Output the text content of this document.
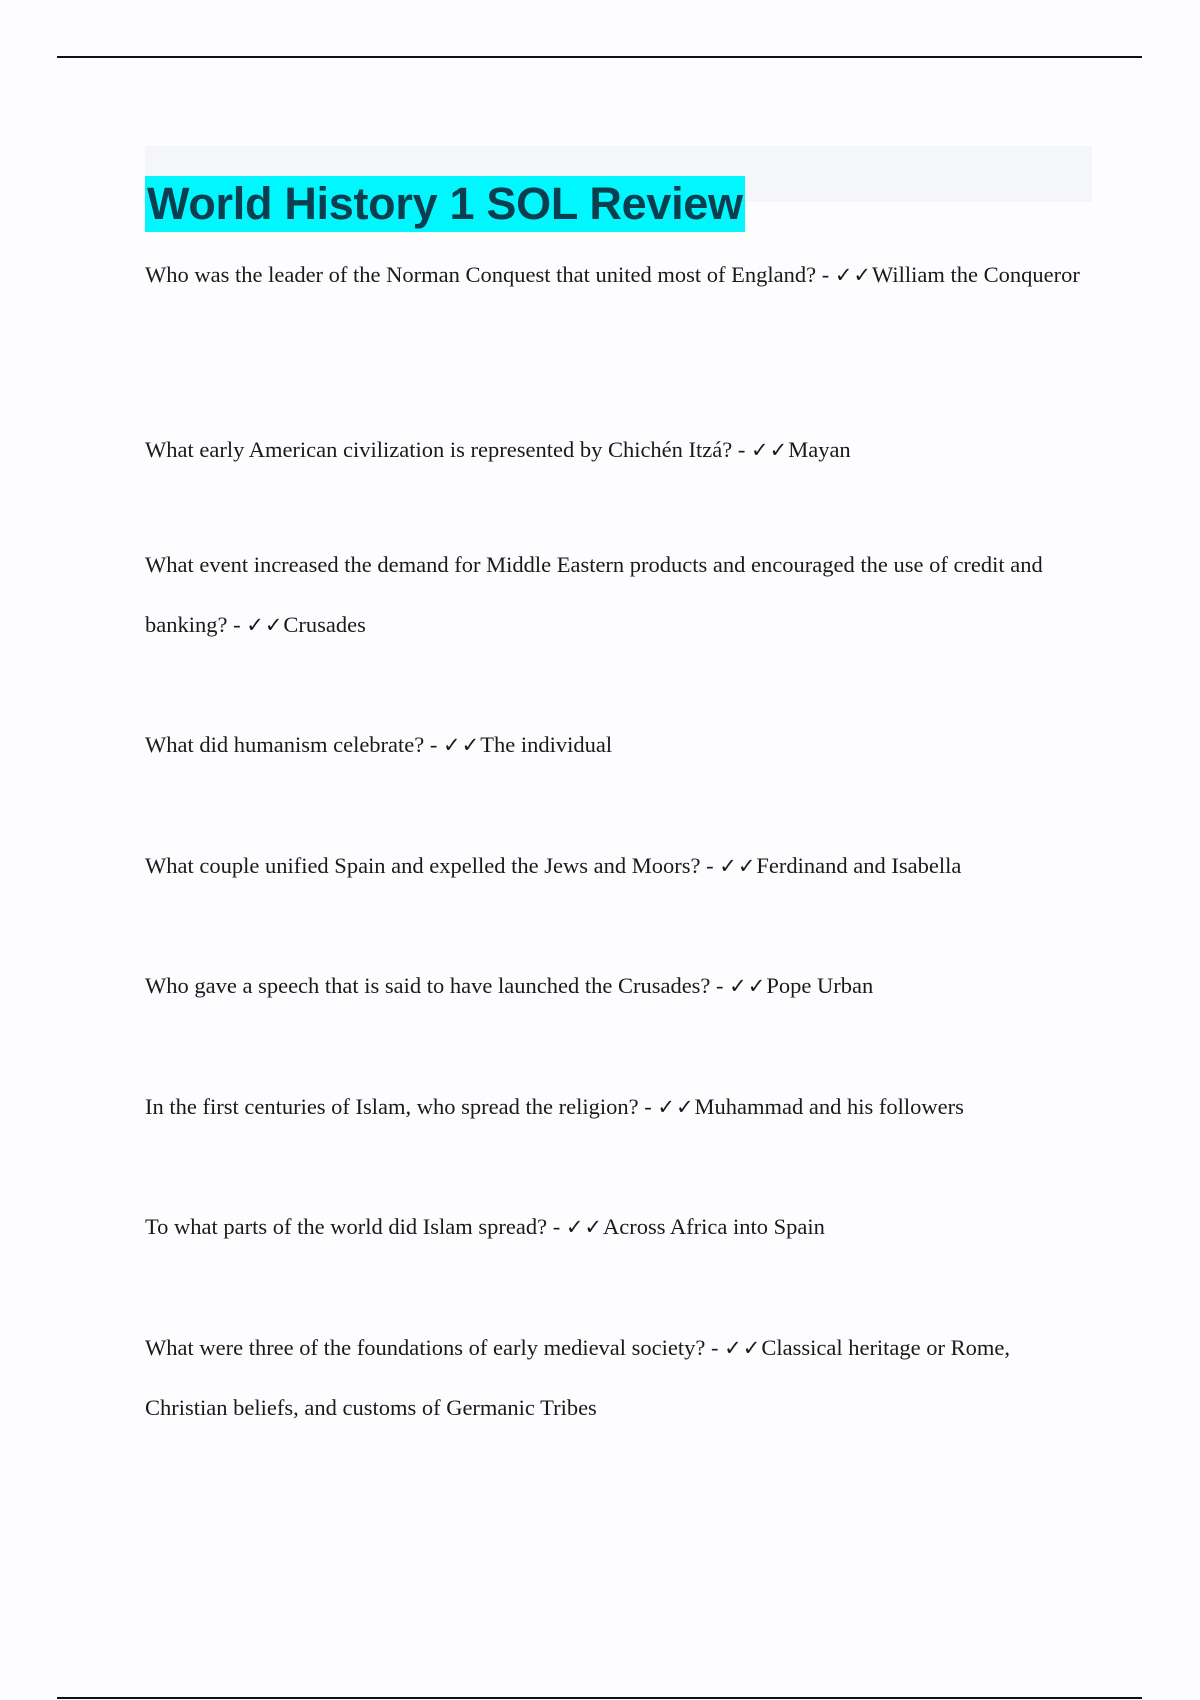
World History 1 SOL Review

Who was the leader of the Norman Conquest that united most of England? - ✓✓William the Conqueror

What early American civilization is represented by Chichén Itzá? - ✓✓Mayan

What event increased the demand for Middle Eastern products and encouraged the use of credit and banking? - ✓✓Crusades

What did humanism celebrate? - ✓✓The individual

What couple unified Spain and expelled the Jews and Moors? - ✓✓Ferdinand and Isabella

Who gave a speech that is said to have launched the Crusades? - ✓✓Pope Urban

In the first centuries of Islam, who spread the religion? - ✓✓Muhammad and his followers

To what parts of the world did Islam spread? - ✓✓Across Africa into Spain

What were three of the foundations of early medieval society? - ✓✓Classical heritage or Rome, Christian beliefs, and customs of Germanic Tribes
